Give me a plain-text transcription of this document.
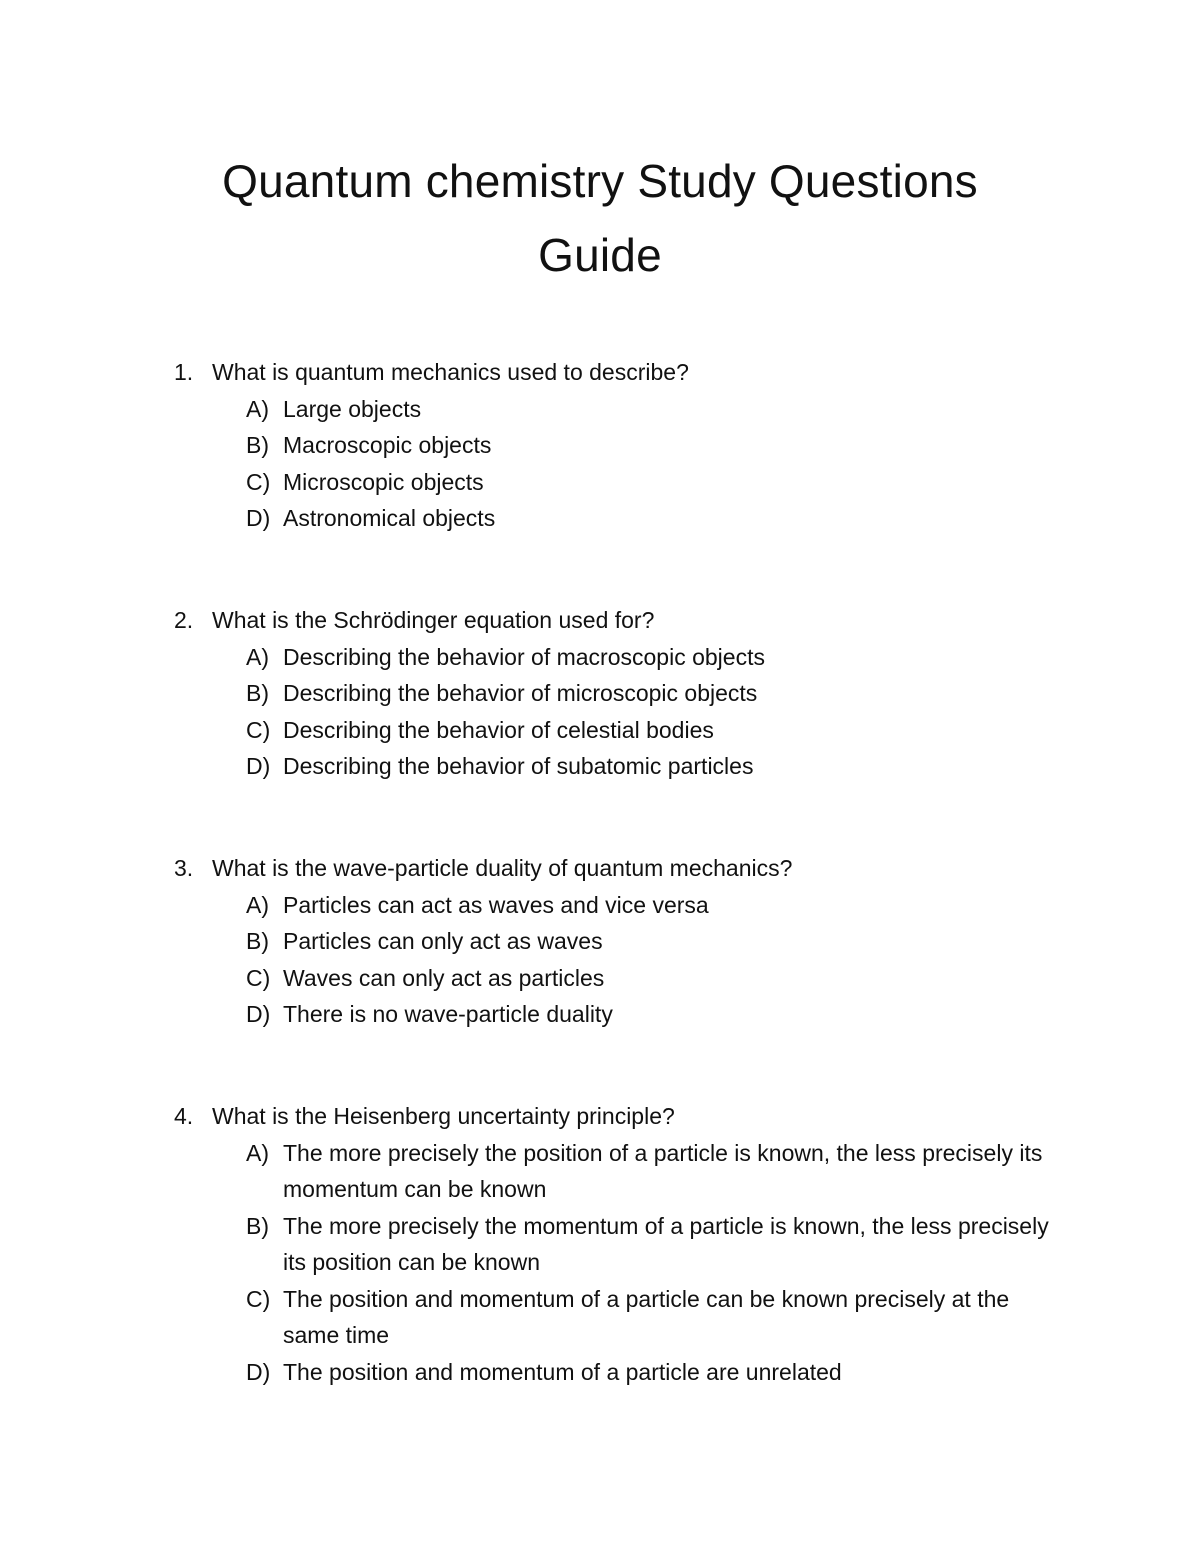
Quantum chemistry Study Questions
Guide
1. What is quantum mechanics used to describe?
A) Large objects
B) Macroscopic objects
C) Microscopic objects
D) Astronomical objects
2. What is the Schrödinger equation used for?
A) Describing the behavior of macroscopic objects
B) Describing the behavior of microscopic objects
C) Describing the behavior of celestial bodies
D) Describing the behavior of subatomic particles
3. What is the wave-particle duality of quantum mechanics?
A) Particles can act as waves and vice versa
B) Particles can only act as waves
C) Waves can only act as particles
D) There is no wave-particle duality
4. What is the Heisenberg uncertainty principle?
A) The more precisely the position of a particle is known, the less precisely its momentum can be known
B) The more precisely the momentum of a particle is known, the less precisely its position can be known
C) The position and momentum of a particle can be known precisely at the same time
D) The position and momentum of a particle are unrelated
